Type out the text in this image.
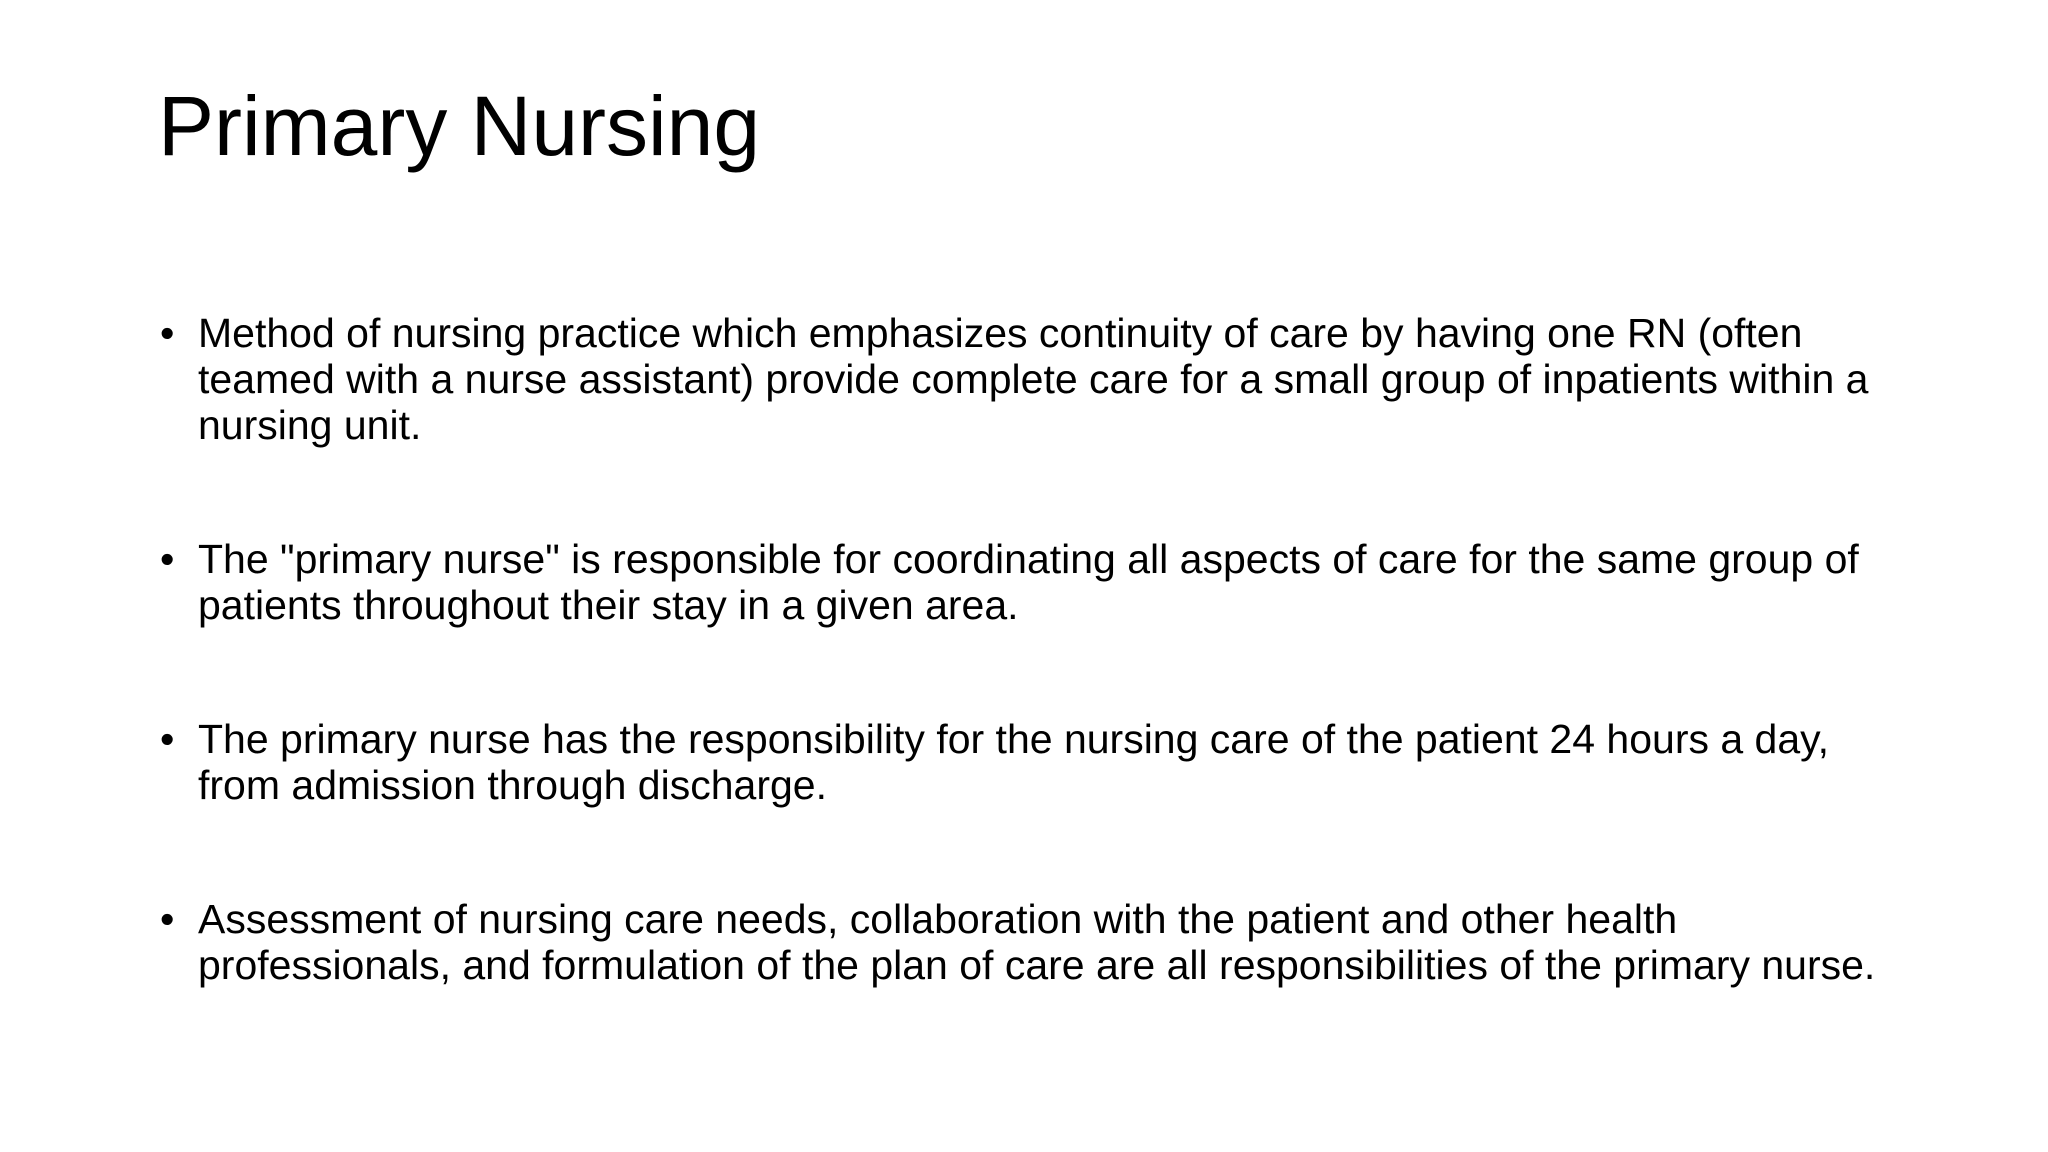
Primary Nursing
• Method of nursing practice which emphasizes continuity of care by having one RN (often teamed with a nurse assistant) provide complete care for a small group of inpatients within a nursing unit.
• The "primary nurse" is responsible for coordinating all aspects of care for the same group of patients throughout their stay in a given area.
• The primary nurse has the responsibility for the nursing care of the patient 24 hours a day, from admission through discharge.
• Assessment of nursing care needs, collaboration with the patient and other health professionals, and formulation of the plan of care are all responsibilities of the primary nurse.
